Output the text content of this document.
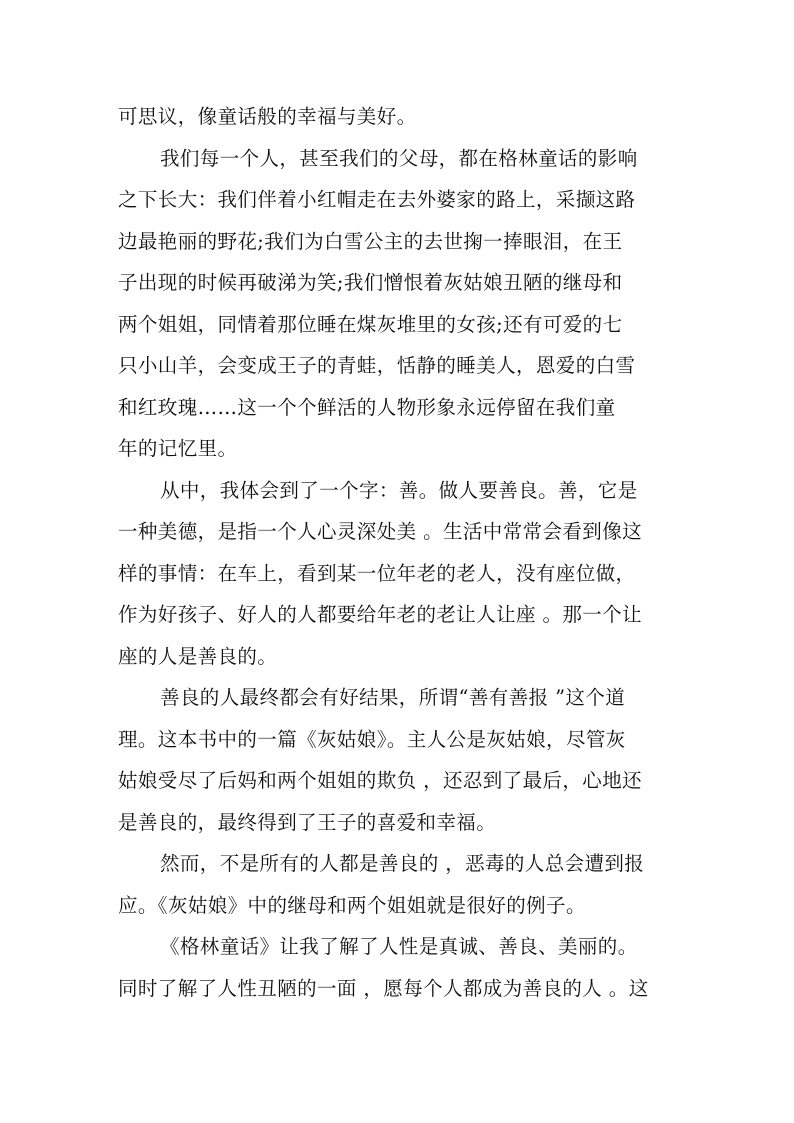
可思议，像童话般的幸福与美好。
我们每一个人，甚至我们的父母，都在格林童话的影响
之下长大：我们伴着小红帽走在去外婆家的路上，采撷这路
边最艳丽的野花;我们为白雪公主的去世掬一捧眼泪，在王
子出现的时候再破涕为笑;我们憎恨着灰姑娘丑陋的继母和
两个姐姐，同情着那位睡在煤灰堆里的女孩;还有可爱的七
只小山羊，会变成王子的青蛙，恬静的睡美人，恩爱的白雪
和红玫瑰……这一个个鲜活的人物形象永远停留在我们童
年的记忆里。
从中，我体会到了一个字：善。做人要善良。善，它是
一种美德，是指一个人心灵深处美 。生活中常常会看到像这
样的事情：在车上，看到某一位年老的老人，没有座位做，
作为好孩子、好人的人都要给年老的老让人让座 。那一个让
座的人是善良的。
善良的人最终都会有好结果，所谓“善有善报 ”这个道
理。这本书中的一篇《灰姑娘》。主人公是灰姑娘，尽管灰
姑娘受尽了后妈和两个姐姐的欺负 ，还忍到了最后，心地还
是善良的，最终得到了王子的喜爱和幸福。
然而，不是所有的人都是善良的 ，恶毒的人总会遭到报
应。《灰姑娘》中的继母和两个姐姐就是很好的例子。
《格林童话》让我了解了人性是真诚、善良、美丽的。
同时了解了人性丑陋的一面 ，愿每个人都成为善良的人 。这
